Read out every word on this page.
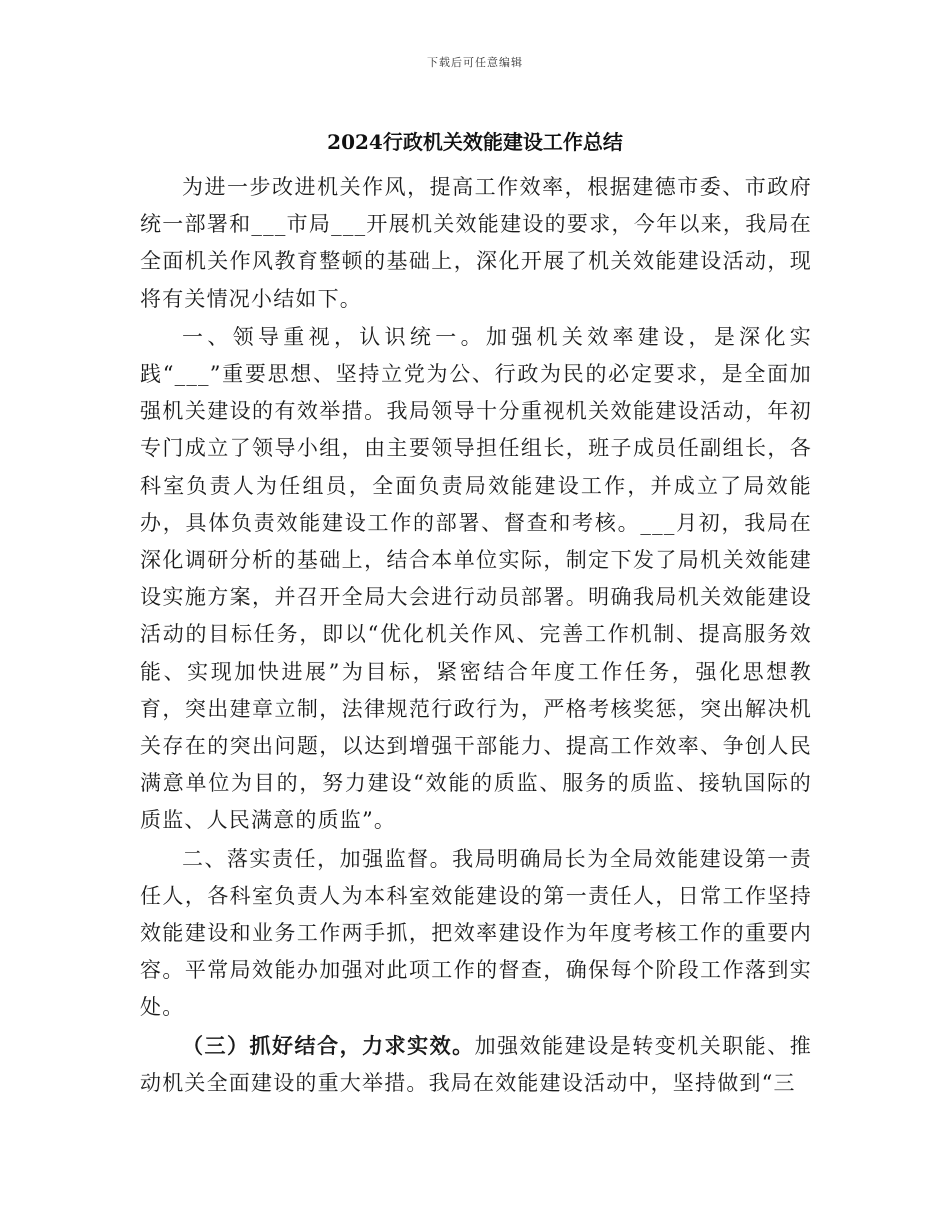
下载后可任意编辑
2024行政机关效能建设工作总结

为进一步改进机关作风，提高工作效率，根据建德市委、市政府统一部署和___市局___开展机关效能建设的要求，今年以来，我局在全面机关作风教育整顿的基础上，深化开展了机关效能建设活动，现将有关情况小结如下。

一、领导重视，认识统一。加强机关效率建设，是深化实践“___”重要思想、坚持立党为公、行政为民的必定要求，是全面加强机关建设的有效举措。我局领导十分重视机关效能建设活动，年初专门成立了领导小组，由主要领导担任组长，班子成员任副组长，各科室负责人为任组员，全面负责局效能建设工作，并成立了局效能办，具体负责效能建设工作的部署、督查和考核。___月初，我局在深化调研分析的基础上，结合本单位实际，制定下发了局机关效能建设实施方案，并召开全局大会进行动员部署。明确我局机关效能建设活动的目标任务，即以“优化机关作风、完善工作机制、提高服务效能、实现加快进展”为目标，紧密结合年度工作任务，强化思想教育，突出建章立制，法律规范行政行为，严格考核奖惩，突出解决机关存在的突出问题，以达到增强干部能力、提高工作效率、争创人民满意单位为目的，努力建设“效能的质监、服务的质监、接轨国际的质监、人民满意的质监”。

二、落实责任，加强监督。我局明确局长为全局效能建设第一责任人，各科室负责人为本科室效能建设的第一责任人，日常工作坚持效能建设和业务工作两手抓，把效率建设作为年度考核工作的重要内容。平常局效能办加强对此项工作的督查，确保每个阶段工作落到实处。

（三）抓好结合，力求实效。加强效能建设是转变机关职能、推动机关全面建设的重大举措。我局在效能建设活动中，坚持做到“三
